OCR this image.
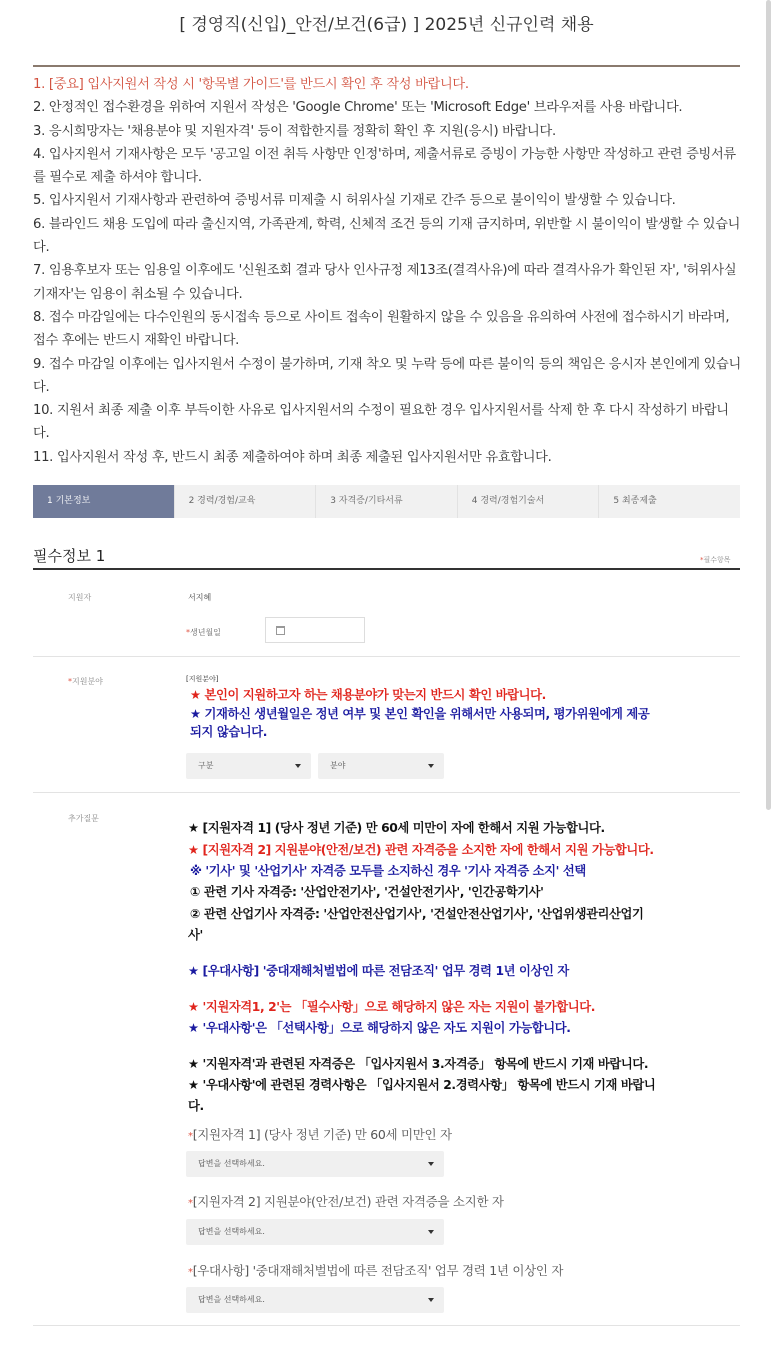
[ 경영직(신입)_안전/보건(6급) ] 2025년 신규인력 채용

1. [중요] 입사지원서 작성 시 '항목별 가이드'를 반드시 확인 후 작성 바랍니다.

2. 안정적인 접수환경을 위하여 지원서 작성은 'Google Chrome' 또는 'Microsoft Edge' 브라우저를 사용 바랍니다.

3. 응시희망자는 '채용분야 및 지원자격' 등이 적합한지를 정확히 확인 후 지원(응시) 바랍니다.

4. 입사지원서 기재사항은 모두 '공고일 이전 취득 사항만 인정'하며, 제출서류로 증빙이 가능한 사항만 작성하고 관련 증빙서류를 필수로 제출 하셔야 합니다.

5. 입사지원서 기재사항과 관련하여 증빙서류 미제출 시 허위사실 기재로 간주 등으로 불이익이 발생할 수 있습니다.

6. 블라인드 채용 도입에 따라 출신지역, 가족관계, 학력, 신체적 조건 등의 기재 금지하며, 위반할 시 불이익이 발생할 수 있습니다.

7. 임용후보자 또는 임용일 이후에도 '신원조회 결과 당사 인사규정 제13조(결격사유)에 따라 결격사유가 확인된 자', '허위사실 기재자'는 임용이 취소될 수 있습니다.

8. 접수 마감일에는 다수인원의 동시접속 등으로 사이트 접속이 원활하지 않을 수 있음을 유의하여 사전에 접수하시기 바라며, 접수 후에는 반드시 재확인 바랍니다.

9. 접수 마감일 이후에는 입사지원서 수정이 불가하며, 기재 착오 및 누락 등에 따른 불이익 등의 책임은 응시자 본인에게 있습니다.

10. 지원서 최종 제출 이후 부득이한 사유로 입사지원서의 수정이 필요한 경우 입사지원서를 삭제 한 후 다시 작성하기 바랍니다.

11. 입사지원서 작성 후, 반드시 최종 제출하여야 하며 최종 제출된 입사지원서만 유효합니다.

1 기본정보	2 경력/경험/교육	3 자격증/기타서류	4 경력/경험기술서	5 최종제출
필수정보 1	*필수항목
지원자	서지혜
*생년월일
*지원분야	[지원분야]
★ 본인이 지원하고자 하는 채용분야가 맞는지 반드시 확인 바랍니다.
★ 기재하신 생년월일은 정년 여부 및 본인 확인을 위해서만 사용되며, 평가위원에게 제공
되지 않습니다.
구분	분야
추가질문
★ [지원자격 1] (당사 정년 기준) 만 60세 미만이 자에 한해서 지원 가능합니다.
★ [지원자격 2] 지원분야(안전/보건) 관련 자격증을 소지한 자에 한해서 지원 가능합니다.
※ '기사' 및 '산업기사' 자격증 모두를 소지하신 경우 '기사 자격증 소지' 선택
① 관련 기사 자격증: '산업안전기사', '건설안전기사', '인간공학기사'
② 관련 산업기사 자격증: '산업안전산업기사', '건설안전산업기사', '산업위생관리산업기
사'
★ [우대사항] '중대재해처벌법에 따른 전담조직' 업무 경력 1년 이상인 자
★ '지원자격1, 2'는 「필수사항」으로 해당하지 않은 자는 지원이 불가합니다.
★ '우대사항'은 「선택사항」으로 해당하지 않은 자도 지원이 가능합니다.
★ '지원자격'과 관련된 자격증은 「입사지원서 3.자격증」 항목에 반드시 기재 바랍니다.
★ '우대사항'에 관련된 경력사항은 「입사지원서 2.경력사항」 항목에 반드시 기재 바랍니
다.
*[지원자격 1] (당사 정년 기준) 만 60세 미만인 자
답변을 선택하세요.
*[지원자격 2] 지원분야(안전/보건) 관련 자격증을 소지한 자
답변을 선택하세요.
*[우대사항] '중대재해처벌법에 따른 전담조직' 업무 경력 1년 이상인 자
답변을 선택하세요.
